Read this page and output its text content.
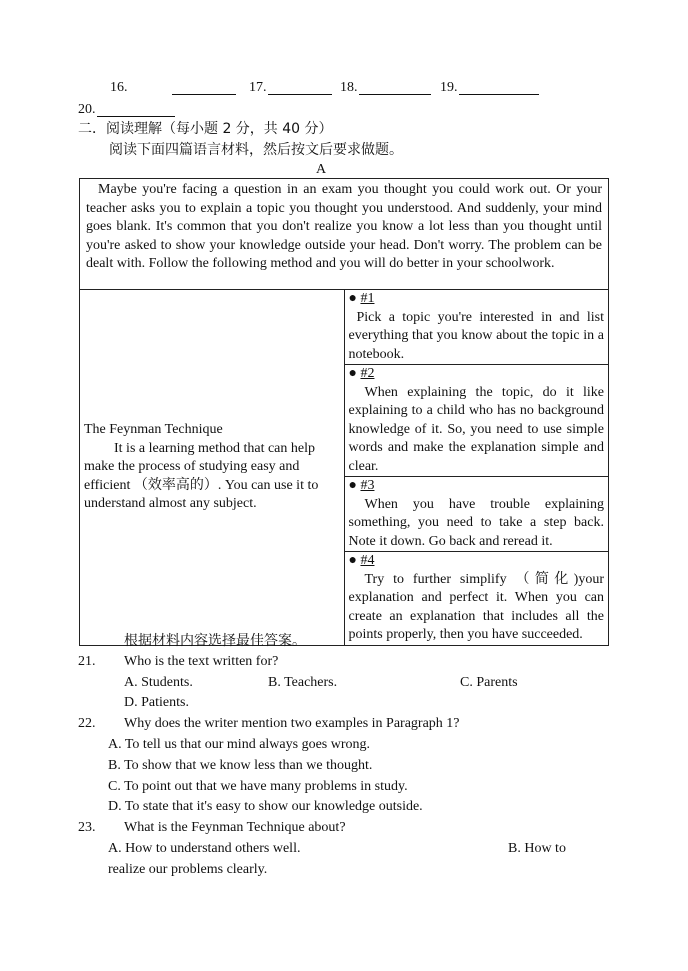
16.	17.	18.	19.
20.
二．阅读理解（每小题 2 分，共 40 分）
阅读下面四篇语言材料，然后按文后要求做题。
A
Maybe you're facing a question in an exam you thought you could work out. Or your teacher asks you to explain a topic you thought you understood. And suddenly, your mind goes blank. It's common that you don't realize you know a lot less than you thought until you're asked to show your knowledge outside your head. Don't worry. The problem can be dealt with. Follow the following method and you will do better in your schoolwork.

The Feynman Technique
It is a learning method that can help make the process of studying easy and efficient （效率高的）. You can use it to understand almost any subject.

● #1
Pick a topic you're interested in and list everything that you know about the topic in a notebook.

● #2
When explaining the topic, do it like explaining to a child who has no background knowledge of it. So, you need to use simple words and make the explanation simple and clear.

● #3
When you have trouble explaining something, you need to take a step back. Note it down. Go back and reread it.

● #4
Try to further simplify （简化)your explanation and perfect it. When you can create an explanation that includes all the points properly, then you have succeeded.
根据材料内容选择最佳答案。
21. Who is the text written for?
A. Students.	B. Teachers.	C. Parents
D. Patients.
22. Why does the writer mention two examples in Paragraph 1?
A. To tell us that our mind always goes wrong.
B. To show that we know less than we thought.
C. To point out that we have many problems in study.
D. To state that it's easy to show our knowledge outside.
23. What is the Feynman Technique about?
A. How to understand others well.	B. How to
realize our problems clearly.
